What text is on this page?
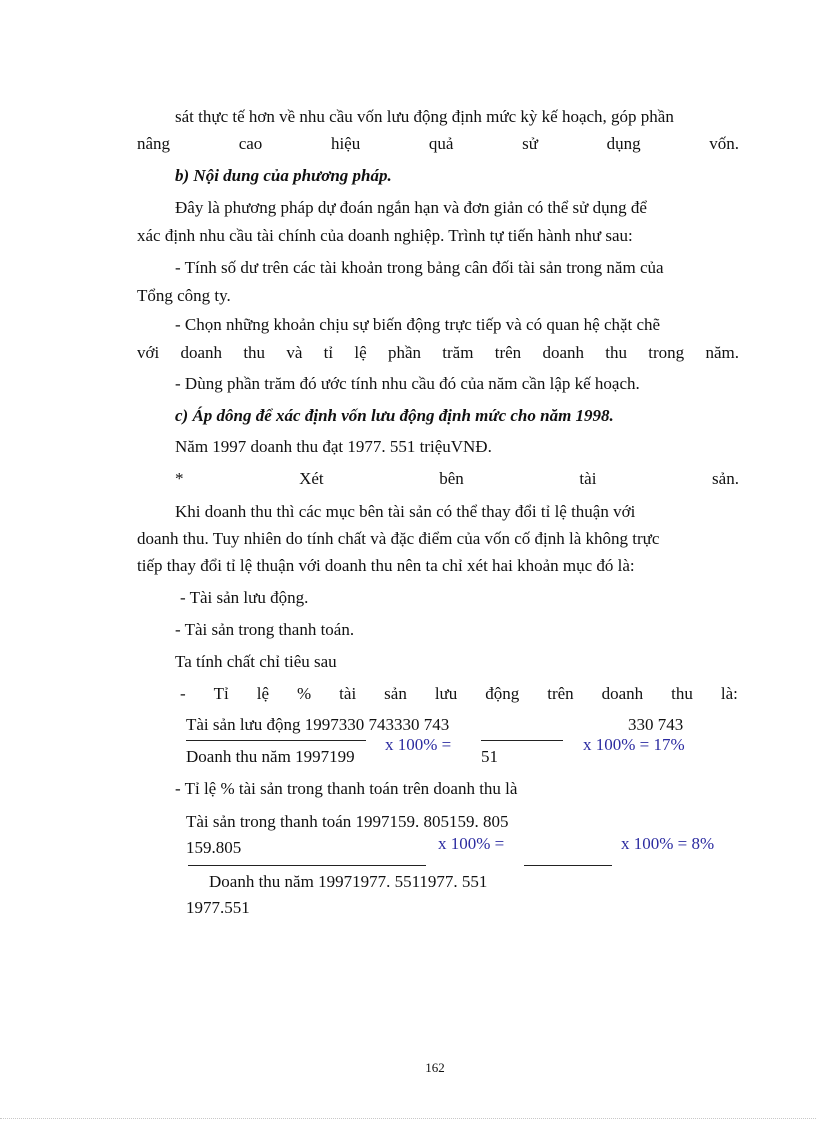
sát thực tế hơn về nhu cầu vốn lưu động định mức kỳ kế hoạch, góp phần
nâng	cao	hiệu	quả	sử	dụng	vốn.
b) Nội dung của phương pháp.
Đây là phương pháp dự đoán ngắn hạn và đơn giản có thể sử dụng để
xác định nhu cầu tài chính của doanh nghiệp. Trình tự tiến hành như sau:
- Tính số dư trên các tài khoản trong bảng cân đối tài sản trong năm của
Tổng công ty.
- Chọn những khoản chịu sự biến động trực tiếp và có quan hệ chặt chẽ
với doanh thu và tỉ lệ phần trăm trên doanh thu trong năm.
- Dùng phần trăm đó ước tính nhu cầu đó của năm cần lập kế hoạch.
c) Áp dông để xác định vốn lưu động định mức cho năm 1998.
Năm 1997 doanh thu đạt 1977. 551 triệuVNĐ.
*	Xét	bên	tài	sản.
Khi doanh thu thì các mục bên tài sản có thể thay đổi tỉ lệ thuận với
doanh thu. Tuy nhiên do tính chất và đặc điểm của vốn cố định là không trực
tiếp thay đổi tỉ lệ thuận với doanh thu nên ta chỉ xét hai khoản mục đó là:
- Tài sản lưu động.
- Tài sản trong thanh toán.
Ta tính chất chỉ tiêu sau
- Tỉ lệ % tài sản lưu động trên doanh thu là:
Tài sản lưu động 1997330 743330 743	330 743
x 100% =	x 100% = 17%
Doanh thu năm 1997199	51
- Tỉ lệ % tài sản trong thanh toán trên doanh thu là
Tài sản trong thanh toán 1997159. 805159. 805
159.805	x 100% =	x 100% = 8%
Doanh thu năm 19971977. 5511977. 551
1977.551
162
